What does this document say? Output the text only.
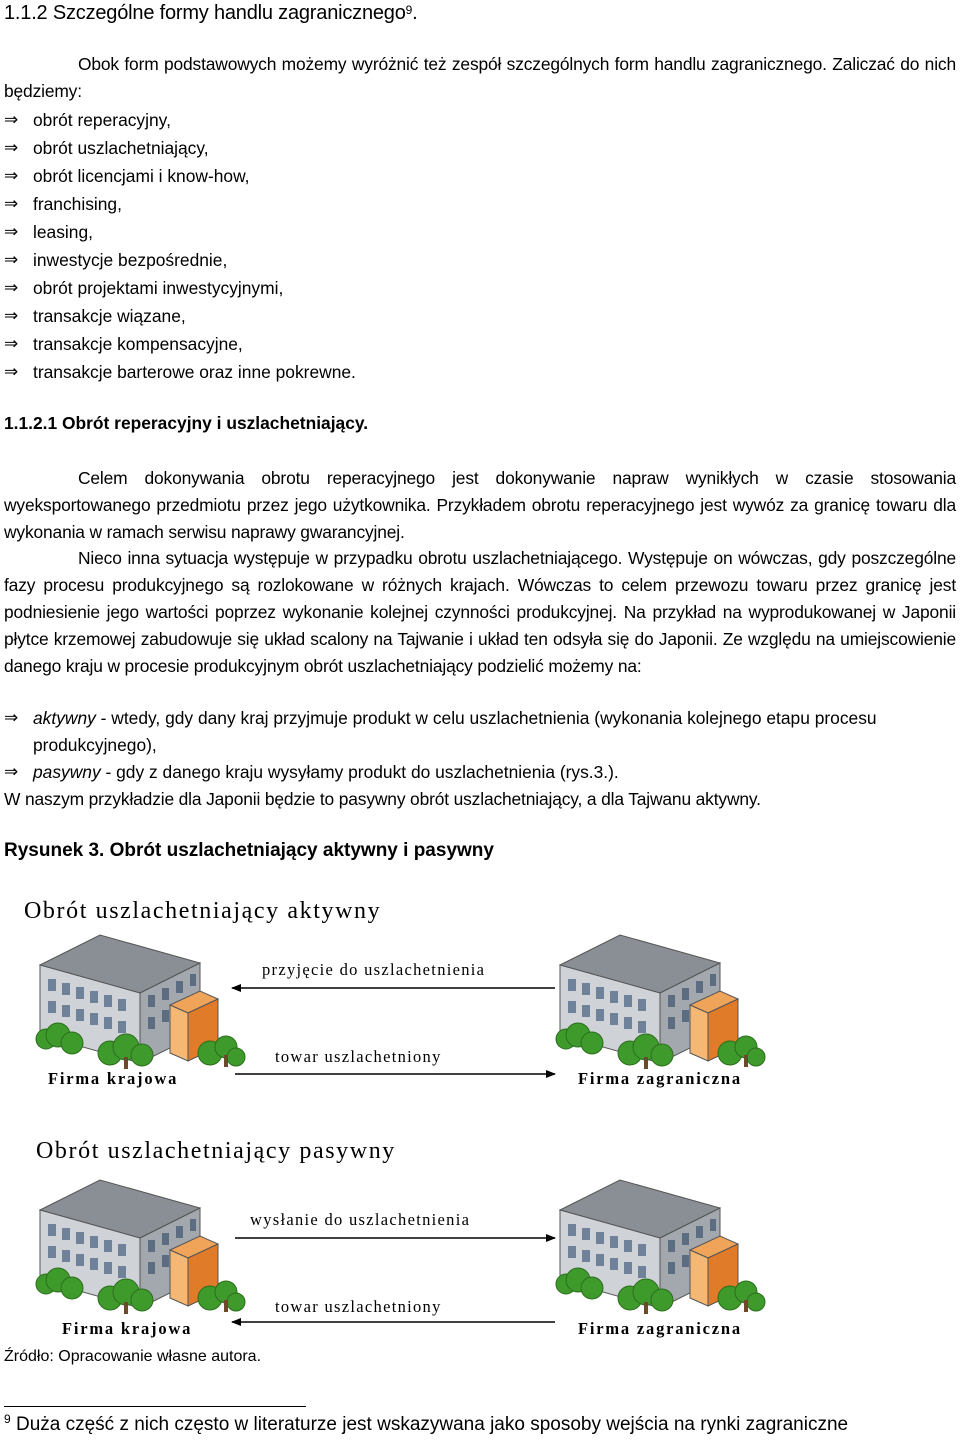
1.1.2 Szczególne formy handlu zagranicznego$^9$.

Obok form podstawowych możemy wyróżnić też zespół szczególnych form handlu zagranicznego. Zaliczać do nich będziemy:

⇒ obrót reperacyjny,
⇒ obrót uszlachetniający,
⇒ obrót licencjami i know-how,
⇒ franchising,
⇒ leasing,
⇒ inwestycje bezpośrednie,
⇒ obrót projektami inwestycyjnymi,
⇒ transakcje wiązane,
⇒ transakcje kompensacyjne,
⇒ transakcje barterowe oraz inne pokrewne.
1.1.2.1 Obrót reperacyjny i uszlachetniający.

Celem dokonywania obrotu reperacyjnego jest dokonywanie napraw wynikłych w czasie stosowania wyeksportowanego przedmiotu przez jego użytkownika. Przykładem obrotu reperacyjnego jest wywóz za granicę towaru dla wykonania w ramach serwisu naprawy gwarancyjnej.

Nieco inna sytuacja występuje w przypadku obrotu uszlachetniającego. Występuje on wówczas, gdy poszczególne fazy procesu produkcyjnego są rozlokowane w różnych krajach. Wówczas to celem przewozu towaru przez granicę jest podniesienie jego wartości poprzez wykonanie kolejnej czynności produkcyjnej. Na przykład na wyprodukowanej w Japonii płytce krzemowej zabudowuje się układ scalony na Tajwanie i układ ten odsyła się do Japonii. Ze względu na umiejscowienie danego kraju w procesie produkcyjnym obrót uszlachetniający podzielić możemy na:

⇒ aktywny - wtedy, gdy dany kraj przyjmuje produkt w celu uszlachetnienia (wykonania kolejnego etapu procesu produkcyjnego),
⇒ pasywny - gdy z danego kraju wysyłamy produkt do uszlachetnienia (rys.3.).

W naszym przykładzie dla Japonii będzie to pasywny obrót uszlachetniający, a dla Tajwanu aktywny.

Rysunek 3. Obrót uszlachetniający aktywny i pasywny
Obrót uszlachetniający aktywny
przyjęcie do uszlachetnienia
towar uszlachetniony
Firma krajowa	Firma zagraniczna
Obrót uszlachetniający pasywny
wysłanie do uszlachetnienia
towar uszlachetniony
Firma krajowa	Firma zagraniczna
Źródło: Opracowanie własne autora.
$^9$ Duża część z nich często w literaturze jest wskazywana jako sposoby wejścia na rynki zagraniczne
